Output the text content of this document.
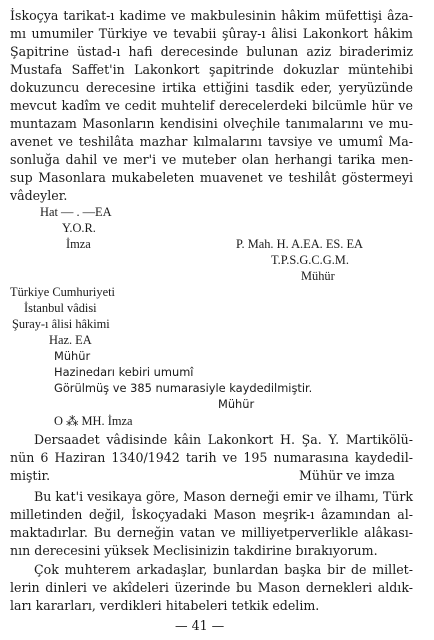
İskoçya tarikat-ı kadime ve makbulesinin hâkim müfettişi âza-
mı umumiler Türkiye ve tevabii şûray-ı âlisi Lakonkort hâkim
Şapitrine üstad-ı hafi derecesinde bulunan aziz biraderimiz
Mustafa Saffet'in Lakonkort şapitrinde dokuzlar müntehibi
dokuzuncu derecesine irtika ettiğini tasdik eder, yeryüzünde
mevcut kadîm ve cedit muhtelif derecelerdeki bilcümle hür ve
muntazam Masonların kendisini olveçhile tanımalarını ve mu-
avenet ve teshilâta mazhar kılmalarını tavsiye ve umumî Ma-
sonluğa dahil ve mer'i ve muteber olan herhangi tarika men-
sup Masonlara mukabeleten muavenet ve teshilât göstermeyi
vâdeyler.
Hat — . —EA
Y.O.R.
İmza	P. Mah. H. A.EA. ES. EA
T.P.S.G.C.G.M.
Mühür
Türkiye Cumhuriyeti
İstanbul vâdisi
Şuray-ı âlisi hâkimi
Haz. EA
Mühür
Hazinedarı kebiri umumî
Görülmüş ve 385 numarasiyle kaydedilmiştir.
Mühür
O ⁂ MH. İmza
Dersaadet vâdisinde kâin Lakonkort H. Şa. Y. Martikölü-
nün 6 Haziran 1340/1942 tarih ve 195 numarasına kaydedil-
miştir.	Mühür ve imza
Bu kat'i vesikaya göre, Mason derneği emir ve ilhamı, Türk
milletinden değil, İskoçyadaki Mason meşrik-ı âzamından al-
maktadırlar. Bu derneğin vatan ve milliyetperverlikle alâkası-
nın derecesini yüksek Meclisinizin takdirine bırakıyorum.
Çok muhterem arkadaşlar, bunlardan başka bir de millet-
lerin dinleri ve akîdeleri üzerinde bu Mason dernekleri aldık-
ları kararları, verdikleri hitabeleri tetkik edelim.
— 41 —
